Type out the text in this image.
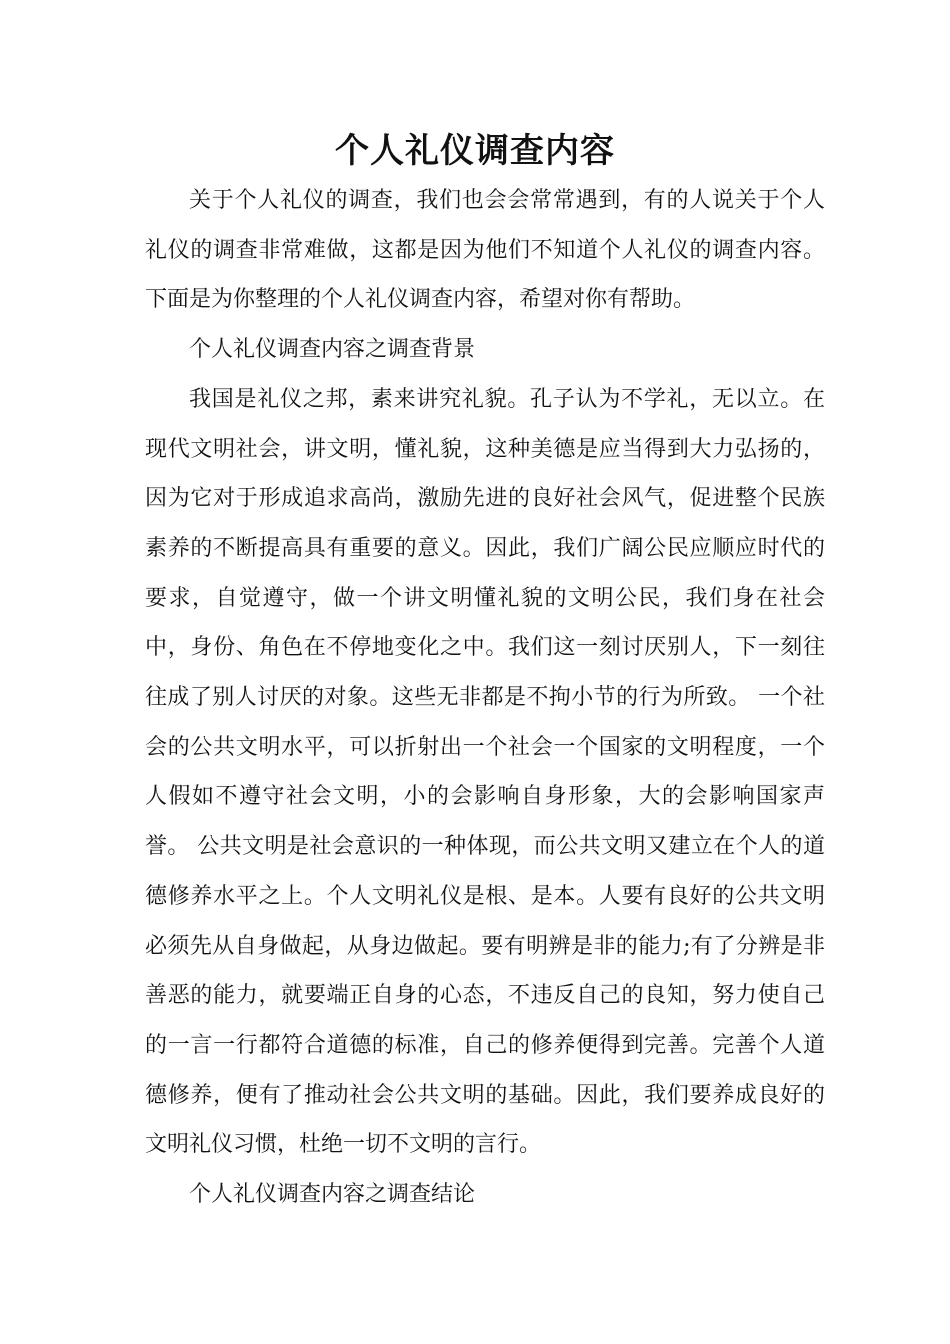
个人礼仪调查内容

关于个人礼仪的调查，我们也会会常常遇到，有的人说关于个人礼仪的调查非常难做，这都是因为他们不知道个人礼仪的调查内容。下面是为你整理的个人礼仪调查内容，希望对你有帮助。

个人礼仪调查内容之调查背景

我国是礼仪之邦，素来讲究礼貌。孔子认为不学礼，无以立。在现代文明社会，讲文明，懂礼貌，这种美德是应当得到大力弘扬的，因为它对于形成追求高尚，激励先进的良好社会风气，促进整个民族素养的不断提高具有重要的意义。因此，我们广阔公民应顺应时代的要求，自觉遵守，做一个讲文明懂礼貌的文明公民，我们身在社会中，身份、角色在不停地变化之中。我们这一刻讨厌别人，下一刻往往成了别人讨厌的对象。这些无非都是不拘小节的行为所致。 一个社会的公共文明水平，可以折射出一个社会一个国家的文明程度，一个人假如不遵守社会文明，小的会影响自身形象，大的会影响国家声誉。 公共文明是社会意识的一种体现，而公共文明又建立在个人的道德修养水平之上。个人文明礼仪是根、是本。人要有良好的公共文明必须先从自身做起，从身边做起。要有明辨是非的能力;有了分辨是非善恶的能力，就要端正自身的心态，不违反自己的良知，努力使自己的一言一行都符合道德的标准，自己的修养便得到完善。完善个人道德修养，便有了推动社会公共文明的基础。因此，我们要养成良好的文明礼仪习惯，杜绝一切不文明的言行。

个人礼仪调查内容之调查结论
